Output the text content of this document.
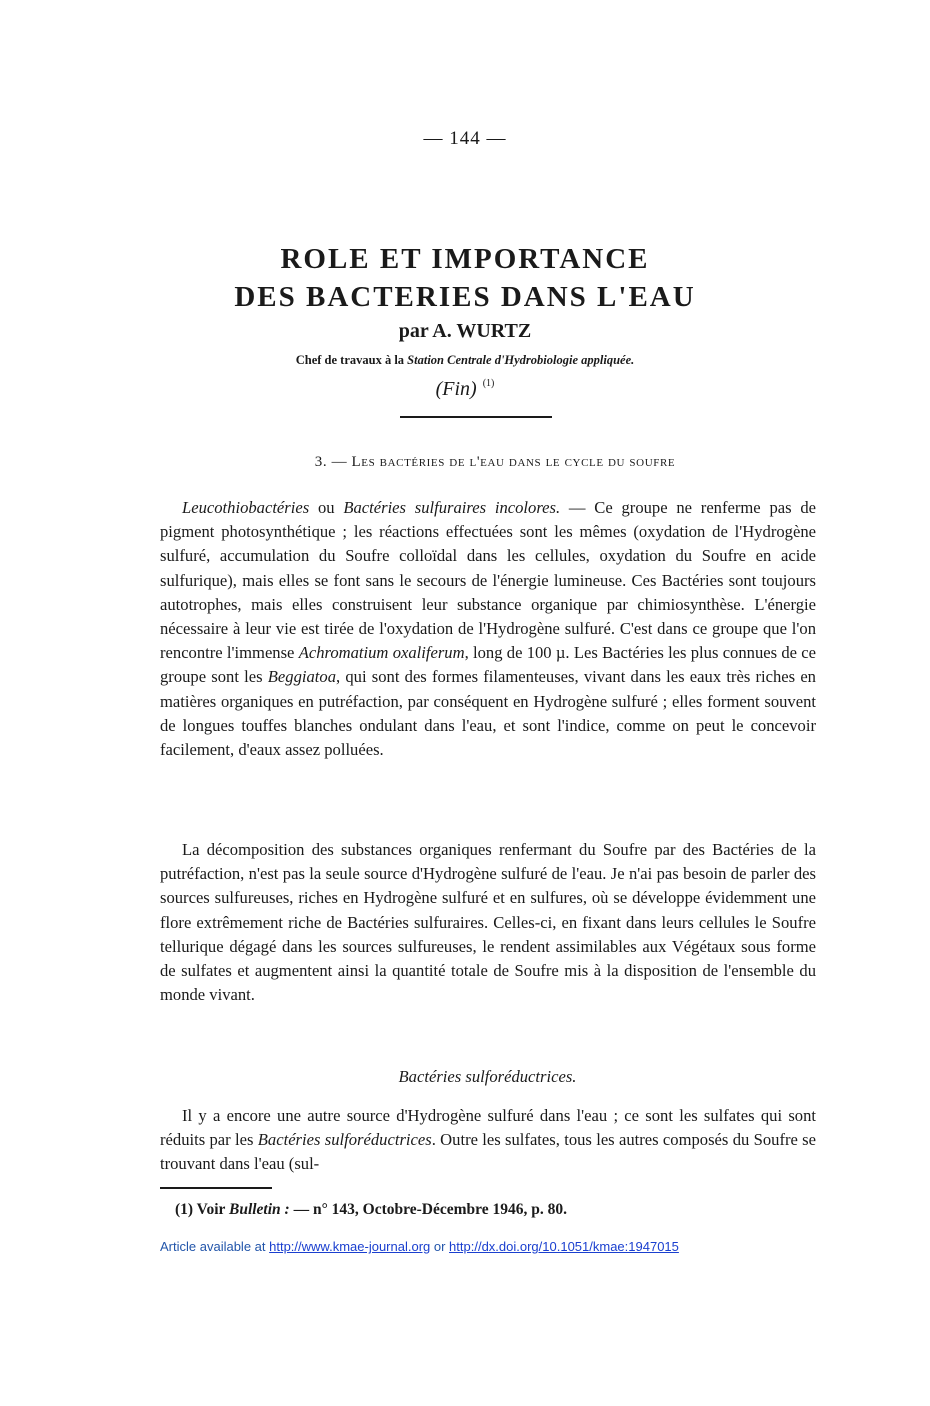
— 144 —
ROLE ET IMPORTANCE
DES BACTERIES DANS L'EAU
par A. WURTZ
Chef de travaux à la Station Centrale d'Hydrobiologie appliquée.
(Fin) $^{(1)}$
3. — Les bactéries de l'eau dans le cycle du soufre

Leucothiobactéries ou Bactéries sulfuraires incolores. — Ce groupe ne renferme pas de pigment photosynthétique ; les réactions effectuées sont les mêmes (oxydation de l'Hydrogène sulfuré, accumulation du Soufre colloïdal dans les cellules, oxydation du Soufre en acide sulfurique), mais elles se font sans le secours de l'énergie lumineuse. Ces Bactéries sont toujours autotrophes, mais elles construisent leur substance organique par chimiosynthèse. L'énergie nécessaire à leur vie est tirée de l'oxydation de l'Hydrogène sulfuré. C'est dans ce groupe que l'on rencontre l'immense Achromatium oxaliferum, long de 100 µ. Les Bactéries les plus connues de ce groupe sont les Beggiatoa, qui sont des formes filamenteuses, vivant dans les eaux très riches en matières organiques en putréfaction, par conséquent en Hydrogène sulfuré ; elles forment souvent de longues touffes blanches ondulant dans l'eau, et sont l'indice, comme on peut le concevoir facilement, d'eaux assez polluées.

La décomposition des substances organiques renfermant du Soufre par des Bactéries de la putréfaction, n'est pas la seule source d'Hydrogène sulfuré de l'eau. Je n'ai pas besoin de parler des sources sulfureuses, riches en Hydrogène sulfuré et en sulfures, où se développe évidemment une flore extrêmement riche de Bactéries sulfuraires. Celles-ci, en fixant dans leurs cellules le Soufre tellurique dégagé dans les sources sulfureuses, le rendent assimilables aux Végétaux sous forme de sulfates et augmentent ainsi la quantité totale de Soufre mis à la disposition de l'ensemble du monde vivant.

Bactéries sulforéductrices.

Il y a encore une autre source d'Hydrogène sulfuré dans l'eau ; ce sont les sulfates qui sont réduits par les Bactéries sulforéductrices. Outre les sulfates, tous les autres composés du Soufre se trouvant dans l'eau (sul-

(1) Voir Bulletin : — n° 143, Octobre-Décembre 1946, p. 80.
Article available at http://www.kmae-journal.org or http://dx.doi.org/10.1051/kmae:1947015
